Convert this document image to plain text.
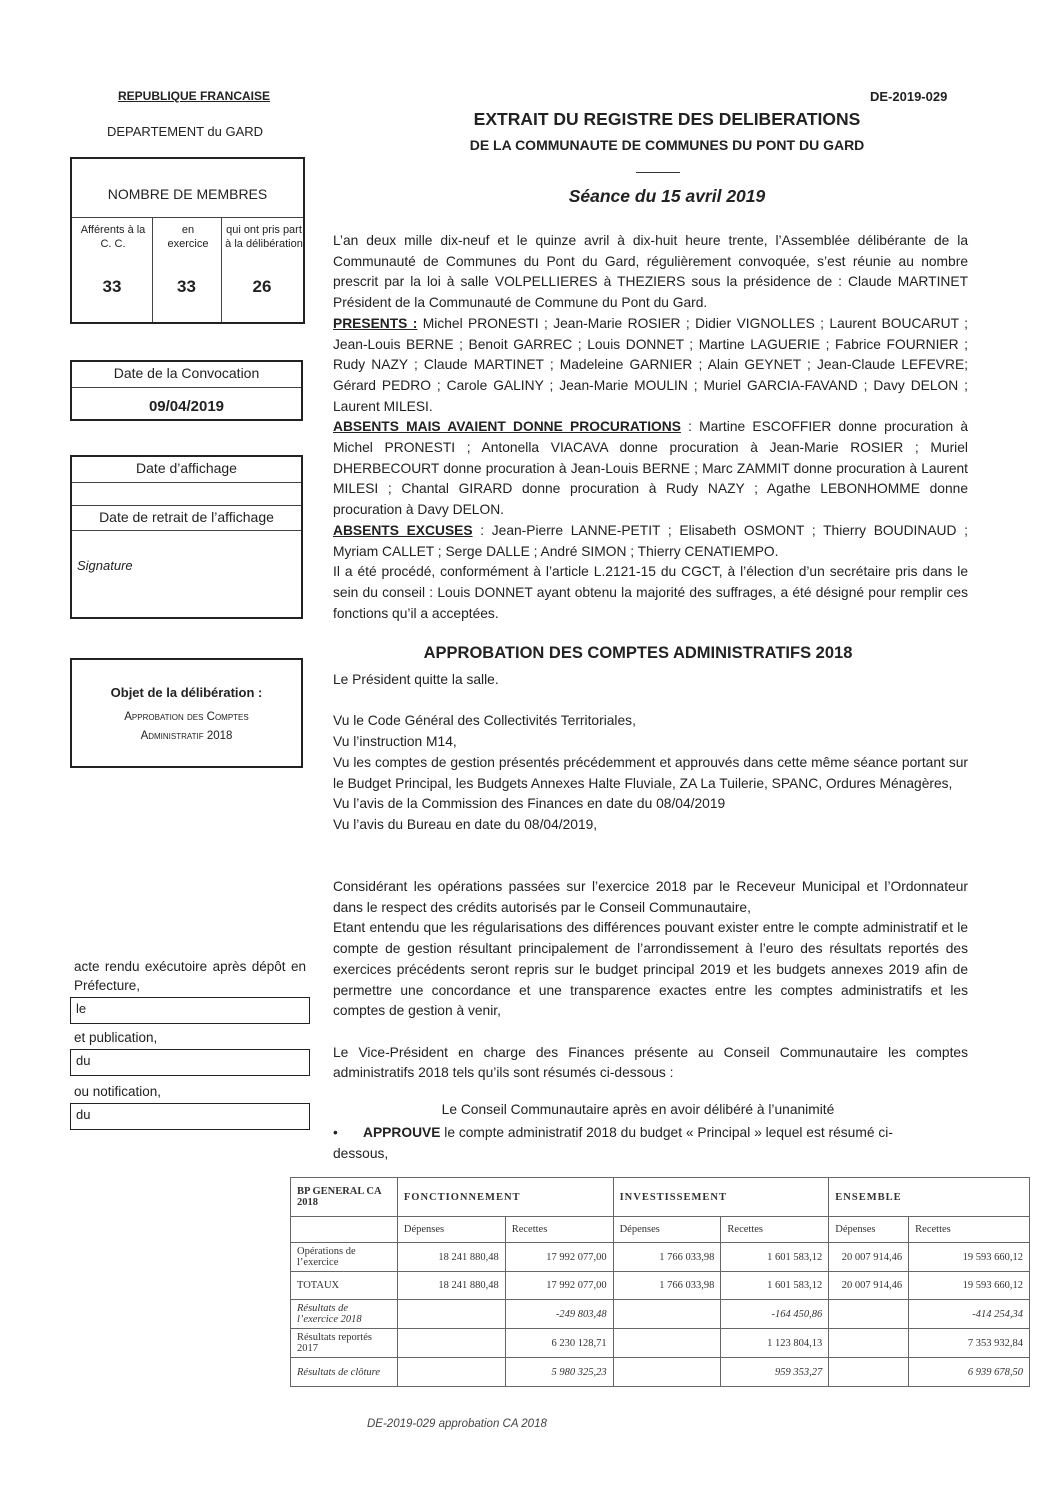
REPUBLIQUE FRANCAISE
DEPARTEMENT du GARD
NOMBRE DE MEMBRES
Afférents à la C. C.
en exercice
qui ont pris part à la délibération
33	33	26
Date de la Convocation
09/04/2019
Date d’affichage
Date de retrait de l’affichage
Signature
Objet de la délibération :
Approbation des Comptes Administratif 2018
acte rendu exécutoire après dépôt en Préfecture,
le
et publication,
du
ou notification,
du
DE-2019-029
EXTRAIT DU REGISTRE DES DELIBERATIONS
DE LA COMMUNAUTE DE COMMUNES DU PONT DU GARD
Séance du 15 avril 2019

L’an deux mille dix-neuf et le quinze avril à dix-huit heure trente, l’Assemblée délibérante de la Communauté de Communes du Pont du Gard, régulièrement convoquée, s’est réunie au nombre prescrit par la loi à salle VOLPELLIERES à THEZIERS sous la présidence de : Claude MARTINET Président de la Communauté de Commune du Pont du Gard.

PRESENTS : Michel PRONESTI ; Jean-Marie ROSIER ; Didier VIGNOLLES ; Laurent BOUCARUT ; Jean-Louis BERNE ; Benoit GARREC ; Louis DONNET ; Martine LAGUERIE ; Fabrice FOURNIER ; Rudy NAZY ; Claude MARTINET ; Madeleine GARNIER ; Alain GEYNET ; Jean-Claude LEFEVRE; Gérard PEDRO ; Carole GALINY ; Jean-Marie MOULIN ; Muriel GARCIA-FAVAND ; Davy DELON ; Laurent MILESI.

ABSENTS MAIS AVAIENT DONNE PROCURATIONS : Martine ESCOFFIER donne procuration à Michel PRONESTI ; Antonella VIACAVA donne procuration à Jean-Marie ROSIER ; Muriel DHERBECOURT donne procuration à Jean-Louis BERNE ; Marc ZAMMIT donne procuration à Laurent MILESI ; Chantal GIRARD donne procuration à Rudy NAZY ; Agathe LEBONHOMME donne procuration à Davy DELON.

ABSENTS EXCUSES : Jean-Pierre LANNE-PETIT ; Elisabeth OSMONT ; Thierry BOUDINAUD ; Myriam CALLET ; Serge DALLE ; André SIMON ; Thierry CENATIEMPO.

Il a été procédé, conformément à l’article L.2121-15 du CGCT, à l’élection d’un secrétaire pris dans le sein du conseil : Louis DONNET ayant obtenu la majorité des suffrages, a été désigné pour remplir ces fonctions qu’il a acceptées.

APPROBATION DES COMPTES ADMINISTRATIFS 2018

Le Président quitte la salle.

Vu le Code Général des Collectivités Territoriales,

Vu l’instruction M14,

Vu les comptes de gestion présentés précédemment et approuvés dans cette même séance portant sur le Budget Principal, les Budgets Annexes Halte Fluviale, ZA La Tuilerie, SPANC, Ordures Ménagères,

Vu l’avis de la Commission des Finances en date du 08/04/2019

Vu l’avis du Bureau en date du 08/04/2019,

Considérant les opérations passées sur l’exercice 2018 par le Receveur Municipal et l’Ordonnateur dans le respect des crédits autorisés par le Conseil Communautaire,

Etant entendu que les régularisations des différences pouvant exister entre le compte administratif et le compte de gestion résultant principalement de l’arrondissement à l’euro des résultats reportés des exercices précédents seront repris sur le budget principal 2019 et les budgets annexes 2019 afin de permettre une concordance et une transparence exactes entre les comptes administratifs et les comptes de gestion à venir,

Le Vice-Président en charge des Finances présente au Conseil Communautaire les comptes administratifs 2018 tels qu’ils sont résumés ci-dessous :

Le Conseil Communautaire après en avoir délibéré à l’unanimité
• APPROUVE le compte administratif 2018 du budget « Principal » lequel est résumé ci-dessous,
BP GENERAL CA 2018	FONCTIONNEMENT		INVESTISSEMENT		ENSEMBLE	
	Dépenses	Recettes	Dépenses	Recettes	Dépenses	Recettes
Opérations de l’exercice	18 241 880,48	17 992 077,00	1 766 033,98	1 601 583,12	20 007 914,46	19 593 660,12
TOTAUX	18 241 880,48	17 992 077,00	1 766 033,98	1 601 583,12	20 007 914,46	19 593 660,12
Résultats de l’exercice 2018		-249 803,48		-164 450,86		-414 254,34
Résultats reportés 2017		6 230 128,71		1 123 804,13		7 353 932,84
Résultats de clôture		5 980 325,23		959 353,27		6 939 678,50
DE-2019-029 approbation CA 2018
